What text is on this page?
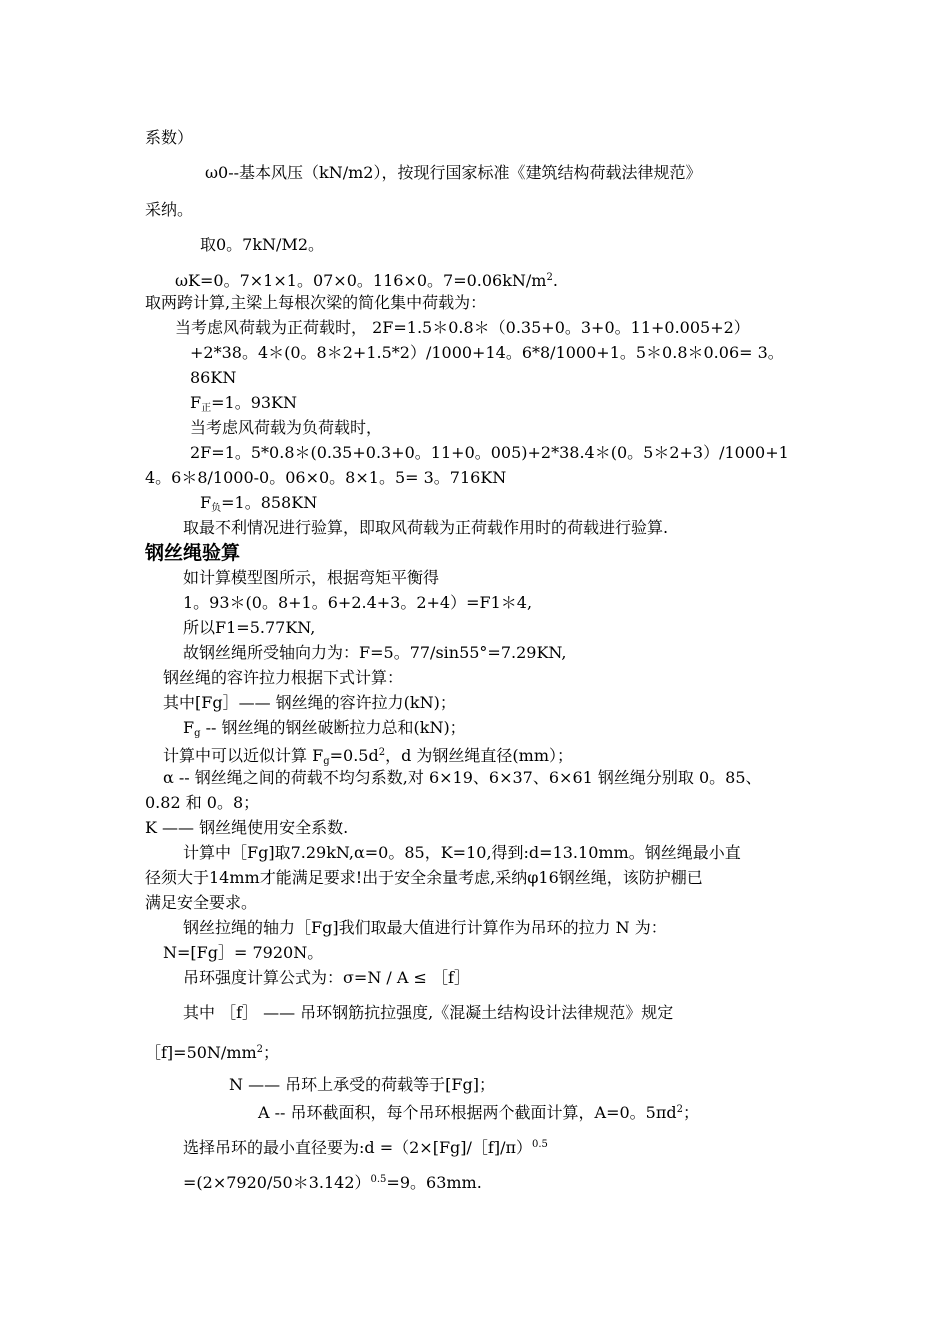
系数）

ω0--基本风压（kN/m2），按现行国家标准《建筑结构荷载法律规范》

采纳。

取0。7kN/M2。

ωK=0。7×1×1。07×0。116×0。$7=0.06kN/m^2$.

取两跨计算,主梁上每根次梁的简化集中荷载为：

当考虑风荷载为正荷载时， 2F=1.5＊0.8＊（0.35+0。3+0。11+0.005+2）

+2*38。4＊(0。8＊2+1.5*2）/1000+14。6*8/1000+1。5＊0.8＊0.06= 3。

86KN

$F_正=1$。93KN

当考虑风荷载为负荷载时，

2F=1。5*0.8＊(0.35+0.3+0。11+0。005)+2*38.4＊(0。5＊2+3）/1000+1

4。6＊8/1000-0。06×0。8×1。5= 3。716KN

$F_负=1$。858KN

取最不利情况进行验算，即取风荷载为正荷载作用时的荷载进行验算.

钢丝绳验算

如计算模型图所示，根据弯矩平衡得

1。93＊(0。8+1。6+2.4+3。2+4）=F1＊4,

所以F1=5.77KN,

故钢丝绳所受轴向力为：F=5。77/sin55°=7.29KN,

钢丝绳的容许拉力根据下式计算：

其中[Fg］—— 钢丝绳的容许拉力(kN)；

$F_g$ -- 钢丝绳的钢丝破断拉力总和(kN)；

计算中可以近似计算 $F_g=0.5d^2$，d 为钢丝绳直径(mm）；

α -- 钢丝绳之间的荷载不均匀系数,对 6×19、6×37、6×61 钢丝绳分别取 0。85、

0.82 和 0。8；

K —— 钢丝绳使用安全系数.

计算中［Fg]取7.29kN,α=0。85，K=10,得到:d=13.10mm。钢丝绳最小直

径须大于14mm才能满足要求!出于安全余量考虑,采纳φ16钢丝绳，该防护棚已

满足安全要求。

钢丝拉绳的轴力［Fg]我们取最大值进行计算作为吊环的拉力 N 为：

N=[Fg］= 7920N。

吊环强度计算公式为：σ=N / A ≤ ［f］

其中 ［f］ —— 吊环钢筋抗拉强度,《混凝土结构设计法律规范》规定

$[f]=50N/mm^2$；

N —— 吊环上承受的荷载等于[Fg]；

A -- 吊环截面积，每个吊环根据两个截面计算，A=0。$5\pi d^2$；

选择吊环的最小直径要为:d =（2×[Fg]/［f]/π）$^{0.5}$

=(2×7920/50＊3.142）$^{0.5}$=9。63mm.
